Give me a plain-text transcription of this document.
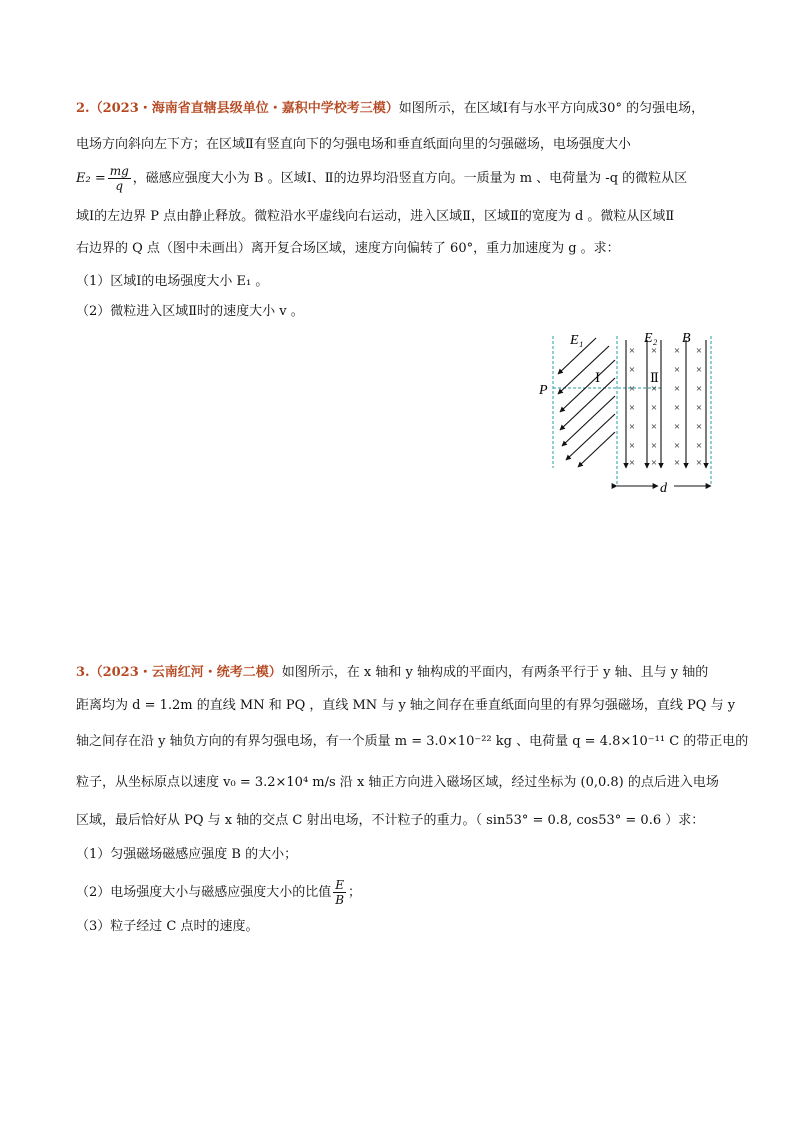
2.（2023・海南省直辖县级单位・嘉积中学校考三模）如图所示，在区域Ⅰ有与水平方向成30° 的匀强电场，
电场方向斜向左下方；在区域Ⅱ有竖直向下的匀强电场和垂直纸面向里的匀强磁场，电场强度大小
$E_2 = \frac{mg}{q}$ ，磁感应强度大小为 B 。区域Ⅰ、Ⅱ的边界均沿竖直方向。一质量为 m 、电荷量为 -q 的微粒从区
域Ⅰ的左边界 P 点由静止释放。微粒沿水平虚线向右运动，进入区域Ⅱ，区域Ⅱ的宽度为 d 。微粒从区域Ⅱ
右边界的 Q 点（图中未画出）离开复合场区域，速度方向偏转了 60°，重力加速度为 g 。求：
（1）区域Ⅰ的电场强度大小 E₁ 。
（2）微粒进入区域Ⅱ时的速度大小 v 。
× × × ×
×	× ×
× × × ×
× × × ×
× × × ×
× × × ×
× × × ×
E₁	E₂ B
P
Ⅰ	Ⅱ
d
3.（2023・云南红河・统考二模）如图所示，在 x 轴和 y 轴构成的平面内，有两条平行于 y 轴、且与 y 轴的
距离均为 d = 1.2m 的直线 MN 和 PQ ，直线 MN 与 y 轴之间存在垂直纸面向里的有界匀强磁场，直线 PQ 与 y
轴之间存在沿 y 轴负方向的有界匀强电场，有一个质量 m = 3.0×10⁻²² kg 、电荷量 q = 4.8×10⁻¹¹ C 的带正电的
粒子，从坐标原点以速度 v₀ = 3.2×10⁴ m/s 沿 x 轴正方向进入磁场区域，经过坐标为 (0,0.8) 的点后进入电场
区域，最后恰好从 PQ 与 x 轴的交点 C 射出电场，不计粒子的重力。（ sin53° = 0.8, cos53° = 0.6 ）求：
（1）匀强磁场磁感应强度 B 的大小；
（2）电场强度大小与磁感应强度大小的比值 $\frac{E}{B}$ ；
（3）粒子经过 C 点时的速度。
